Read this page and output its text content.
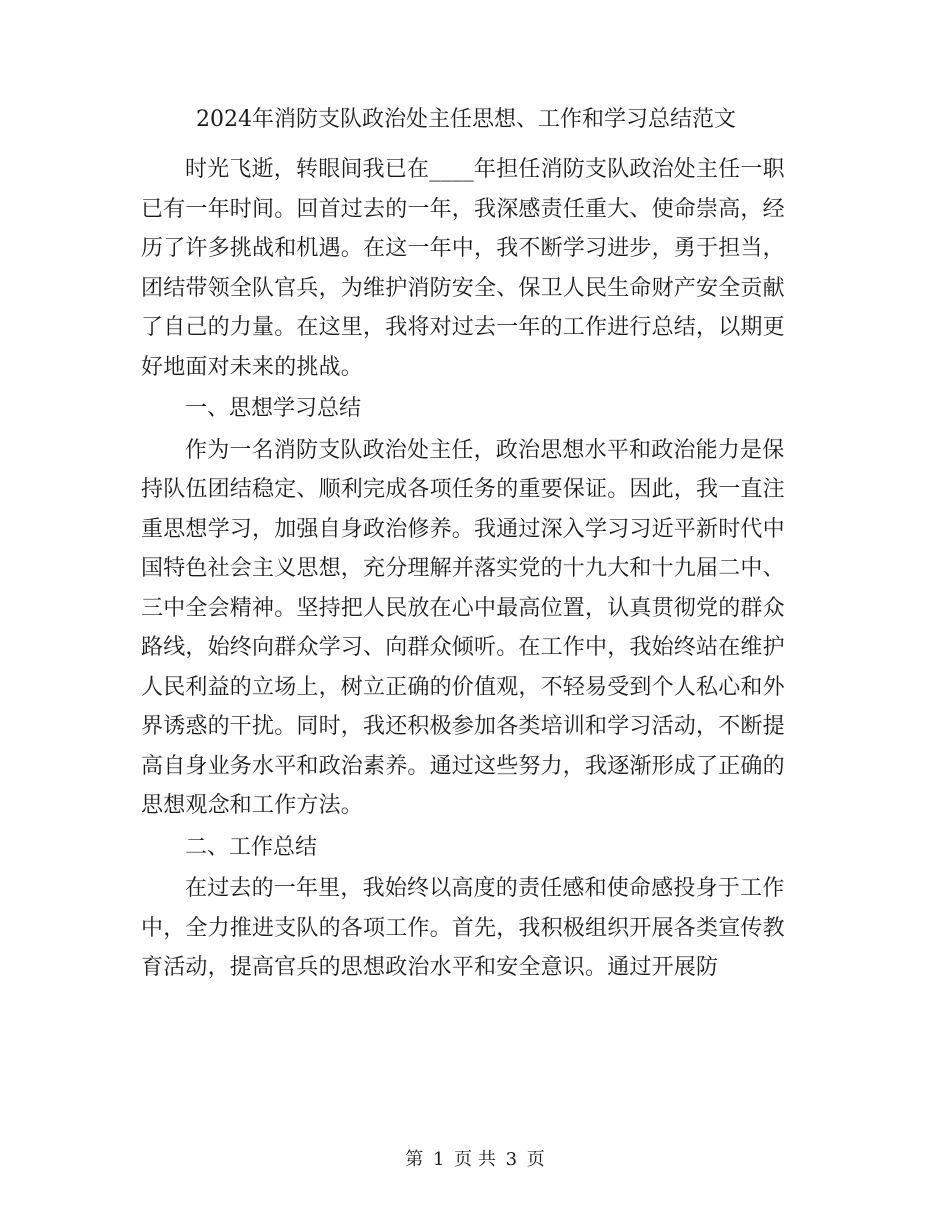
2024年消防支队政治处主任思想、工作和学习总结范文

时光飞逝，转眼间我已在____年担任消防支队政治处主任一职已有一年时间。回首过去的一年，我深感责任重大、使命崇高，经历了许多挑战和机遇。在这一年中，我不断学习进步，勇于担当，团结带领全队官兵，为维护消防安全、保卫人民生命财产安全贡献了自己的力量。在这里，我将对过去一年的工作进行总结，以期更好地面对未来的挑战。

一、思想学习总结

作为一名消防支队政治处主任，政治思想水平和政治能力是保持队伍团结稳定、顺利完成各项任务的重要保证。因此，我一直注重思想学习，加强自身政治修养。我通过深入学习习近平新时代中国特色社会主义思想，充分理解并落实党的十九大和十九届二中、三中全会精神。坚持把人民放在心中最高位置，认真贯彻党的群众路线，始终向群众学习、向群众倾听。在工作中，我始终站在维护人民利益的立场上，树立正确的价值观，不轻易受到个人私心和外界诱惑的干扰。同时，我还积极参加各类培训和学习活动，不断提高自身业务水平和政治素养。通过这些努力，我逐渐形成了正确的思想观念和工作方法。

二、工作总结

在过去的一年里，我始终以高度的责任感和使命感投身于工作中，全力推进支队的各项工作。首先，我积极组织开展各类宣传教育活动，提高官兵的思想政治水平和安全意识。通过开展防

第 1 页 共 3 页
